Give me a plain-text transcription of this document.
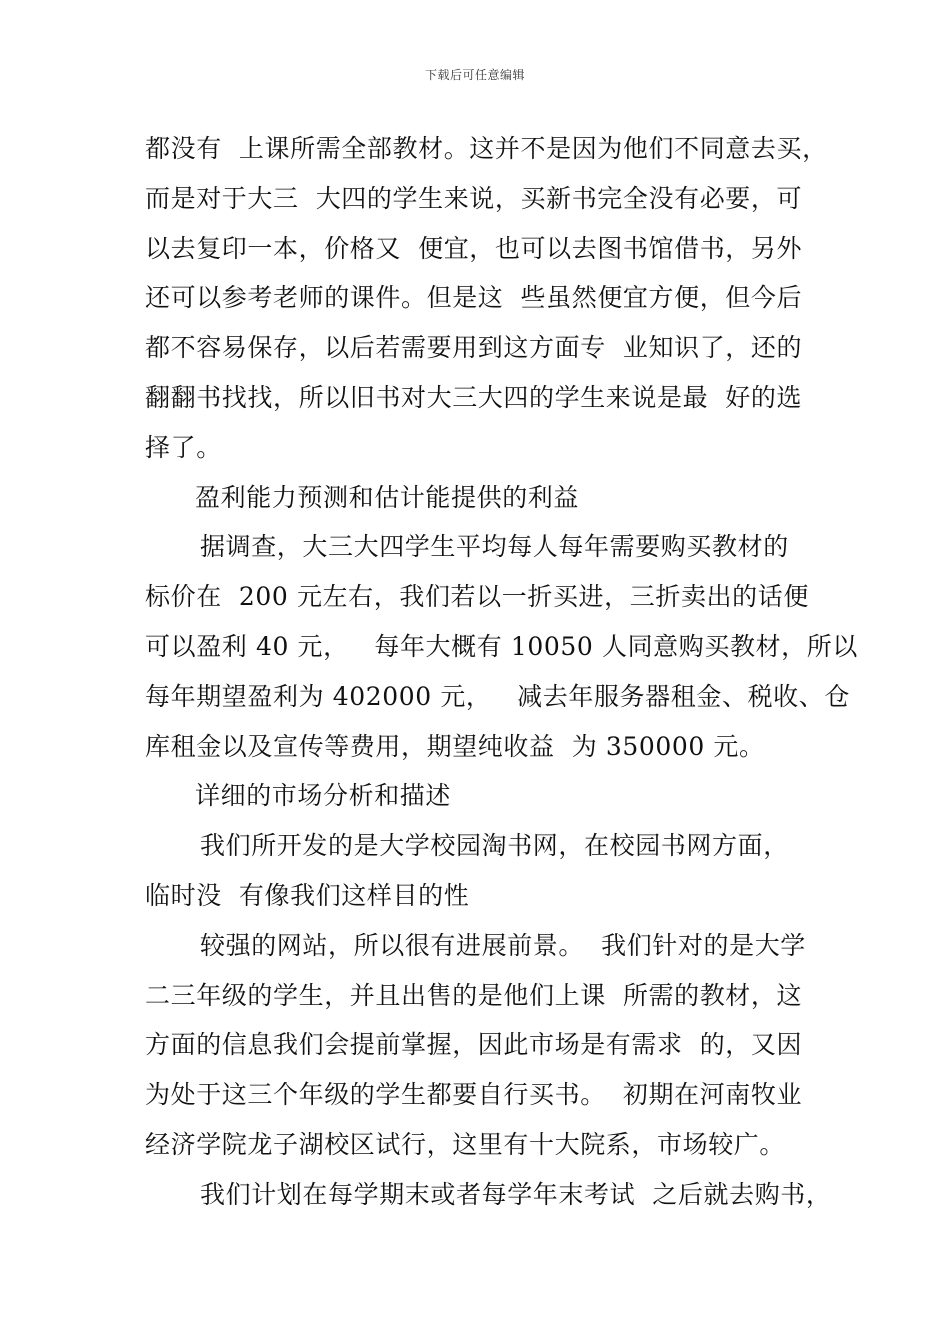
下载后可任意编辑
都没有  上课所需全部教材。这并不是因为他们不同意去买，
而是对于大三  大四的学生来说，买新书完全没有必要，可
以去复印一本，价格又  便宜，也可以去图书馆借书，另外
还可以参考老师的课件。但是这  些虽然便宜方便，但今后
都不容易保存，以后若需要用到这方面专  业知识了，还的
翻翻书找找，所以旧书对大三大四的学生来说是最  好的选
择了。
盈利能力预测和估计能提供的利益
据调查，大三大四学生平均每人每年需要购买教材的
标价在  200 元左右，我们若以一折买进，三折卖出的话便
可以盈利 40 元，   每年大概有 10050 人同意购买教材，所以
每年期望盈利为 402000 元，   减去年服务器租金、税收、仓
库租金以及宣传等费用，期望纯收益  为 350000 元。
详细的市场分析和描述
我们所开发的是大学校园淘书网，在校园书网方面，
临时没  有像我们这样目的性
较强的网站，所以很有进展前景。  我们针对的是大学
二三年级的学生，并且出售的是他们上课  所需的教材，这
方面的信息我们会提前掌握，因此市场是有需求  的，又因
为处于这三个年级的学生都要自行买书。  初期在河南牧业
经济学院龙子湖校区试行，这里有十大院系，市场较广。
我们计划在每学期末或者每学年末考试  之后就去购书，
